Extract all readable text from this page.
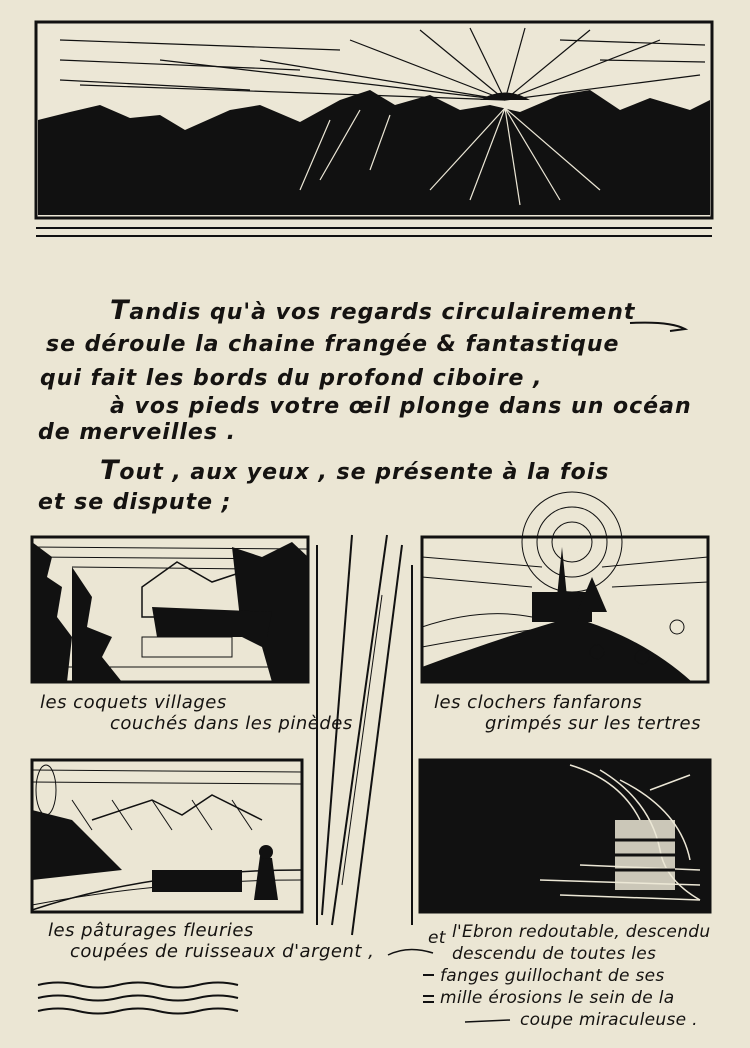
Tandis qu'à vos regards circulairement
se déroule la chaine frangée & fantastique
qui fait les bords du profond ciboire ,
à vos pieds votre œil plonge dans un océan
de merveilles .
Tout , aux yeux , se présente à la fois
et se dispute ;
les coquets villages
couchés dans les pinèdes
les clochers fanfarons
grimpés sur les tertres
les pâturages fleuries
coupées de ruisseaux d'argent ,
et l'Ebron redoutable, descendu
descendu de toutes les
fanges guillochant de ses
mille érosions le sein de la
coupe miraculeuse .
